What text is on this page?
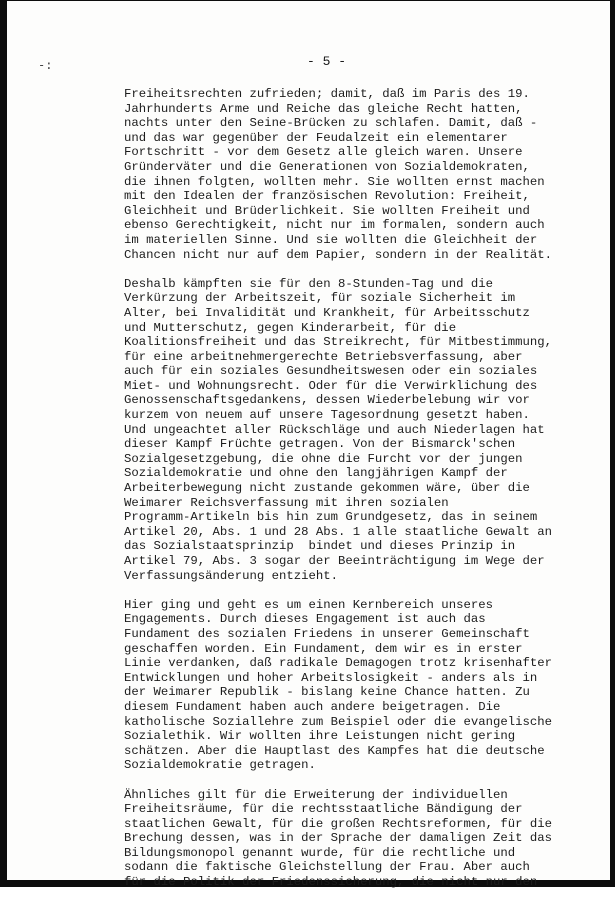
‑:	- 5 -

Freiheitsrechten zufrieden; damit, daß im Paris des 19.
Jahrhunderts Arme und Reiche das gleiche Recht hatten,
nachts unter den Seine-Brücken zu schlafen. Damit, daß -
und das war gegenüber der Feudalzeit ein elementarer
Fortschritt - vor dem Gesetz alle gleich waren. Unsere
Gründerväter und die Generationen von Sozialdemokraten,
die ihnen folgten, wollten mehr. Sie wollten ernst machen
mit den Idealen der französischen Revolution: Freiheit,
Gleichheit und Brüderlichkeit. Sie wollten Freiheit und
ebenso Gerechtigkeit, nicht nur im formalen, sondern auch
im materiellen Sinne. Und sie wollten die Gleichheit der
Chancen nicht nur auf dem Papier, sondern in der Realität.

Deshalb kämpften sie für den 8-Stunden-Tag und die
Verkürzung der Arbeitszeit, für soziale Sicherheit im
Alter, bei Invalidität und Krankheit, für Arbeitsschutz
und Mutterschutz, gegen Kinderarbeit, für die
Koalitionsfreiheit und das Streikrecht, für Mitbestimmung,
für eine arbeitnehmergerechte Betriebsverfassung, aber
auch für ein soziales Gesundheitswesen oder ein soziales
Miet- und Wohnungsrecht. Oder für die Verwirklichung des
Genossenschaftsgedankens, dessen Wiederbelebung wir vor
kurzem von neuem auf unsere Tagesordnung gesetzt haben.
Und ungeachtet aller Rückschläge und auch Niederlagen hat
dieser Kampf Früchte getragen. Von der Bismarck'schen
Sozialgesetzgebung, die ohne die Furcht vor der jungen
Sozialdemokratie und ohne den langjährigen Kampf der
Arbeiterbewegung nicht zustande gekommen wäre, über die
Weimarer Reichsverfassung mit ihren sozialen
Programm-Artikeln bis hin zum Grundgesetz, das in seinem
Artikel 20, Abs. 1 und 28 Abs. 1 alle staatliche Gewalt an
das Sozialstaatsprinzip  bindet und dieses Prinzip in
Artikel 79, Abs. 3 sogar der Beeinträchtigung im Wege der
Verfassungsänderung entzieht.

Hier ging und geht es um einen Kernbereich unseres
Engagements. Durch dieses Engagement ist auch das
Fundament des sozialen Friedens in unserer Gemeinschaft
geschaffen worden. Ein Fundament, dem wir es in erster
Linie verdanken, daß radikale Demagogen trotz krisenhafter
Entwicklungen und hoher Arbeitslosigkeit - anders als in
der Weimarer Republik - bislang keine Chance hatten. Zu
diesem Fundament haben auch andere beigetragen. Die
katholische Soziallehre zum Beispiel oder die evangelische
Sozialethik. Wir wollten ihre Leistungen nicht gering
schätzen. Aber die Hauptlast des Kampfes hat die deutsche
Sozialdemokratie getragen.

Ähnliches gilt für die Erweiterung der individuellen
Freiheitsräume, für die rechtsstaatliche Bändigung der
staatlichen Gewalt, für die großen Rechtsreformen, für die
Brechung dessen, was in der Sprache der damaligen Zeit das
Bildungsmonopol genannt wurde, für die rechtliche und
sodann die faktische Gleichstellung der Frau. Aber auch
für die Politik der Friedenssicherung, die nicht nur den
